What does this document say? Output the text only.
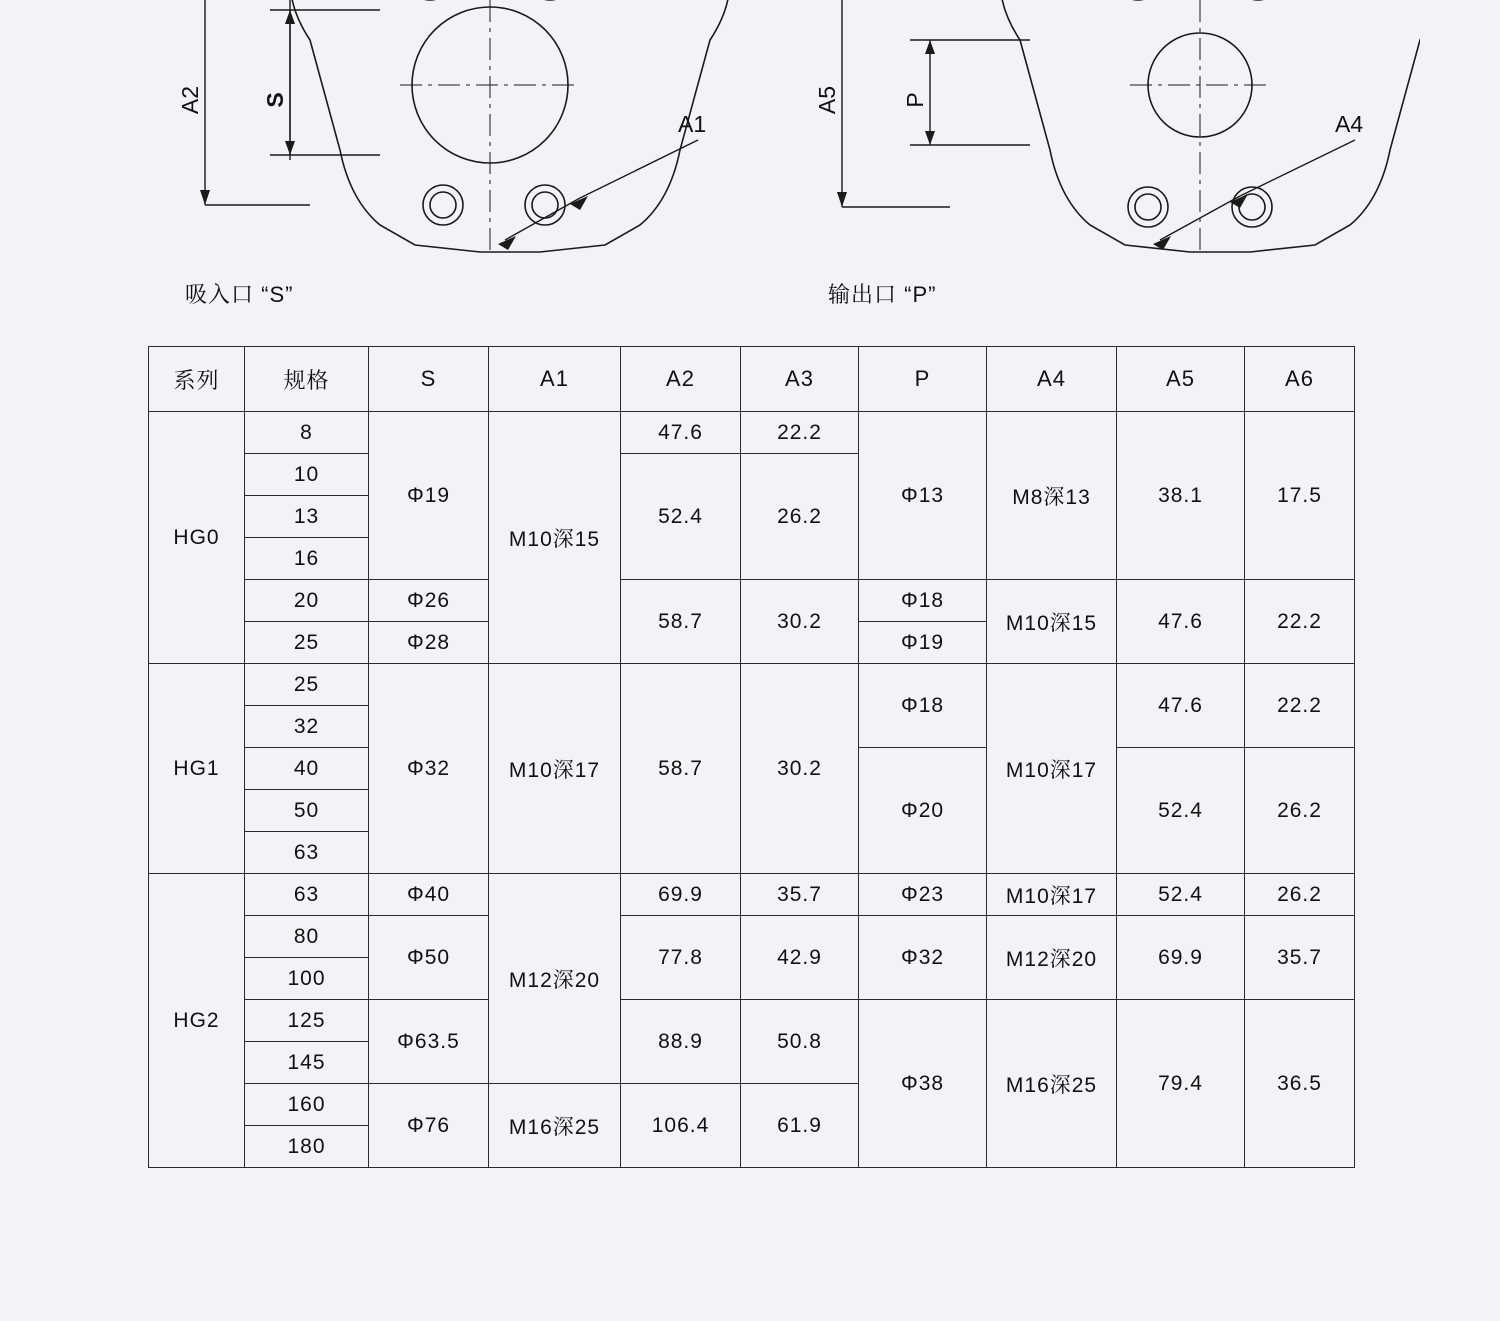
A2	S
A1
A5	P
A4
吸入口 “S”	输出口 “P”
系列	规格	S	A1	A2	A3	P	A4	A5	A6
HG0	8	Φ19	M10深15	47.6	22.2	Φ13	M8深13	38.1	17.5
	10			52.4	26.2				
	13								
	16								
	20	Φ26		58.7	30.2	Φ18	M10深15	47.6	22.2
	25	Φ28				Φ19			
HG1	25	Φ32	M10深17	58.7	30.2	Φ18	M10深17	47.6	22.2
	32								
	40					Φ20		52.4	26.2
	50								
	63								
HG2	63	Φ40	M12深20	69.9	35.7	Φ23	M10深17	52.4	26.2
	80	Φ50		77.8	42.9	Φ32	M12深20	69.9	35.7
	100								
	125	Φ63.5		88.9	50.8	Φ38	M16深25	79.4	36.5
	145								
	160	Φ76	M16深25	106.4	61.9				
	180								
